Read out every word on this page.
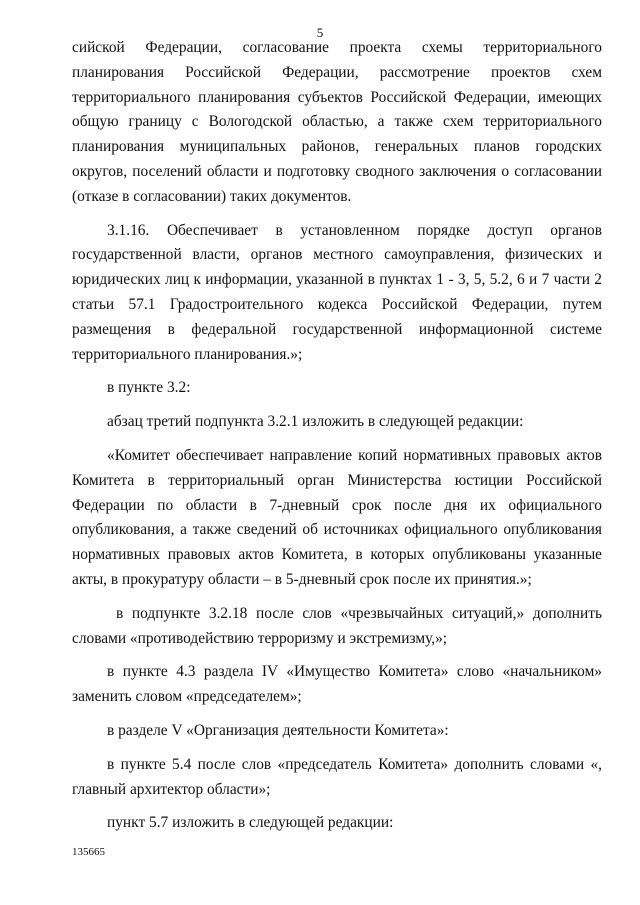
5

сийской Федерации, согласование проекта схемы территориального планирования Российской Федерации, рассмотрение проектов схем территориального планирования субъектов Российской Федерации, имеющих общую границу с Вологодской областью, а также схем территориального планирования муниципальных районов, генеральных планов городских округов, поселений области и подготовку сводного заключения о согласовании (отказе в согласовании) таких документов.

3.1.16. Обеспечивает в установленном порядке доступ органов государственной власти, органов местного самоуправления, физических и юридических лиц к информации, указанной в пунктах 1 - 3, 5, 5.2, 6 и 7 части 2 статьи 57.1 Градостроительного кодекса Российской Федерации, путем размещения в федеральной государственной информационной системе территориального планирования.»;

в пункте 3.2:

абзац третий подпункта 3.2.1 изложить в следующей редакции:

«Комитет обеспечивает направление копий нормативных правовых актов Комитета в территориальный орган Министерства юстиции Российской Федерации по области в 7-дневный срок после дня их официального опубликования, а также сведений об источниках официального опубликования нормативных правовых актов Комитета, в которых опубликованы указанные акты, в прокуратуру области – в 5-дневный срок после их принятия.»;

в подпункте 3.2.18 после слов «чрезвычайных ситуаций,» дополнить словами «противодействию терроризму и экстремизму,»;

в пункте 4.3 раздела IV «Имущество Комитета» слово «начальником» заменить словом «председателем»;

в разделе V «Организация деятельности Комитета»:

в пункте 5.4 после слов «председатель Комитета» дополнить словами «, главный архитектор области»;

пункт 5.7 изложить в следующей редакции:

135665
